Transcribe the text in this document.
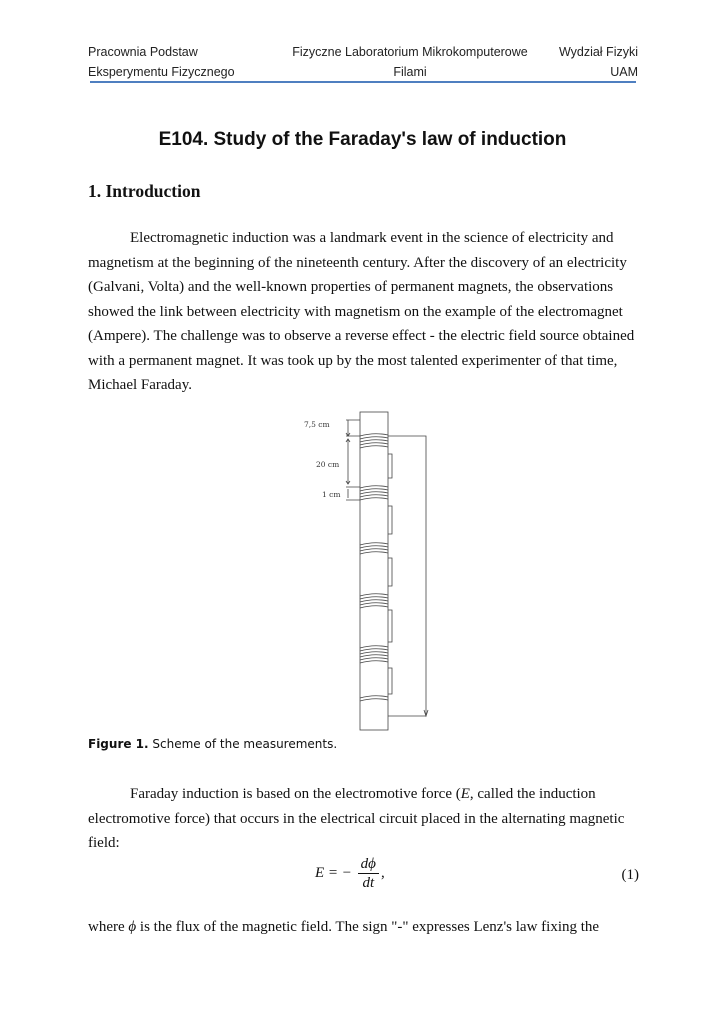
Pracownia Podstaw
Eksperymentu Fizycznego
Fizyczne Laboratorium Mikrokomputerowe
Filami
Wydział Fizyki
UAM
E104. Study of the Faraday's law of induction
1. Introduction

Electromagnetic induction was a landmark event in the science of electricity and magnetism at the beginning of the nineteenth century. After the discovery of an electricity (Galvani, Volta) and the well-known properties of permanent magnets, the observations showed the link between electricity with magnetism on the example of the electromagnet (Ampere). The challenge was to observe a reverse effect - the electric field source obtained with a permanent magnet. It was took up by the most talented experimenter of that time, Michael Faraday.

7,5 cm
20 cm
1 cm
Figure 1. Scheme of the measurements.

Faraday induction is based on the electromotive force (E, called the induction electromotive force) that occurs in the electrical circuit placed in the alternating magnetic field:

E = − $\frac{d\phi}{dt}$ ,	(1)

where ϕ is the flux of the magnetic field. The sign "-" expresses Lenz's law fixing the
